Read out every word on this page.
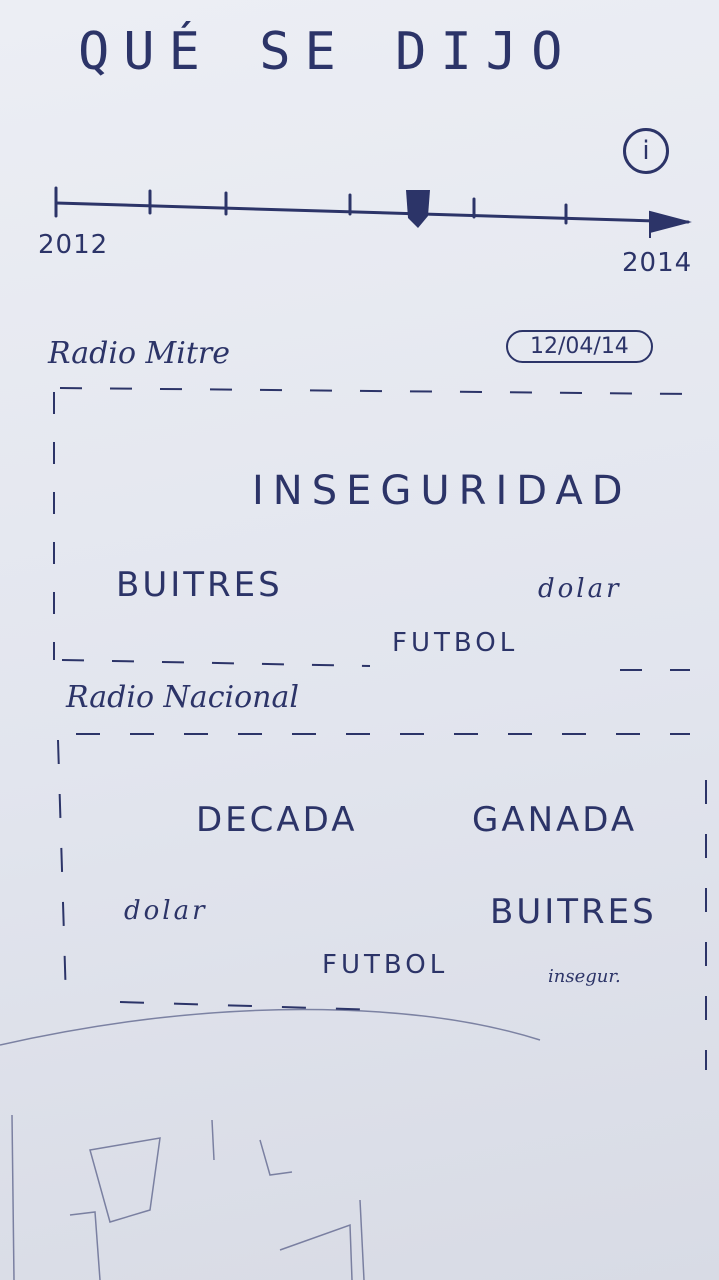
QUÉ SE DIJO
i
2012
2014
Radio Mitre	12/04/14
INSEGURIDAD
BUITRES	dolar
FUTBOL
Radio Nacional
DECADA	GANADA
dolar	BUITRES
FUTBOL	insegur.
